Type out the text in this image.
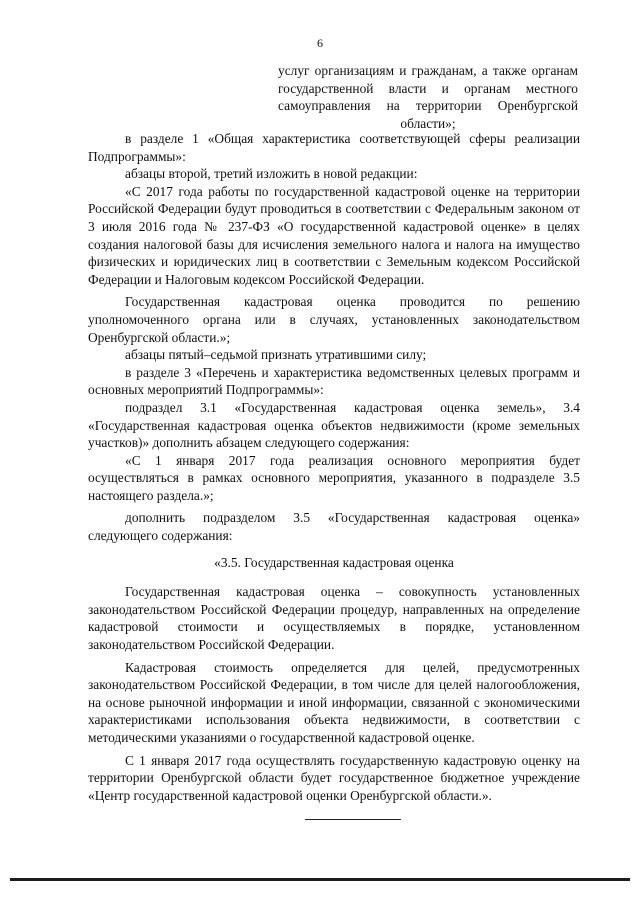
6
услуг организациям и гражданам, а также органам государственной власти и органам местного самоуправления на территории Оренбургской области»;

в разделе 1 «Общая характеристика соответствующей сферы реализации Подпрограммы»:

абзацы второй, третий изложить в новой редакции:

«С 2017 года работы по государственной кадастровой оценке на территории Российской Федерации будут проводиться в соответствии с Федеральным законом от 3 июля 2016 года № 237-ФЗ «О государственной кадастровой оценке» в целях создания налоговой базы для исчисления земельного налога и налога на имущество физических и юридических лиц в соответствии с Земельным кодексом Российской Федерации и Налоговым кодексом Российской Федерации.

Государственная кадастровая оценка проводится по решению уполномоченного органа или в случаях, установленных законодательством Оренбургской области.»;

абзацы пятый–седьмой признать утратившими силу;

в разделе 3 «Перечень и характеристика ведомственных целевых программ и основных мероприятий Подпрограммы»:

подраздел 3.1 «Государственная кадастровая оценка земель», 3.4 «Государственная кадастровая оценка объектов недвижимости (кроме земельных участков)» дополнить абзацем следующего содержания:

«С 1 января 2017 года реализация основного мероприятия будет осуществляться в рамках основного мероприятия, указанного в подразделе 3.5 настоящего раздела.»;

дополнить подразделом 3.5 «Государственная кадастровая оценка» следующего содержания:

«3.5. Государственная кадастровая оценка

Государственная кадастровая оценка – совокупность установленных законодательством Российской Федерации процедур, направленных на определение кадастровой стоимости и осуществляемых в порядке, установленном законодательством Российской Федерации.

Кадастровая стоимость определяется для целей, предусмотренных законодательством Российской Федерации, в том числе для целей налогообложения, на основе рыночной информации и иной информации, связанной с экономическими характеристиками использования объекта недвижимости, в соответствии с методическими указаниями о государственной кадастровой оценке.

С 1 января 2017 года осуществлять государственную кадастровую оценку на территории Оренбургской области будет государственное бюджетное учреждение «Центр государственной кадастровой оценки Оренбургской области.».
